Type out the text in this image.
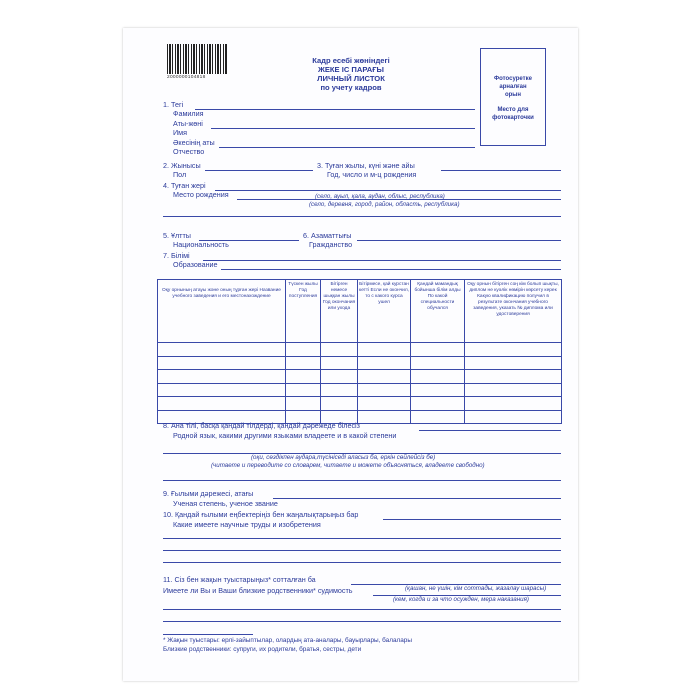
2000000104818
Кадр есебі жөніндегі
ЖЕКЕ ІС ПАРАҒЫ
ЛИЧНЫЙ ЛИСТОК
по учету кадров
Фотосуретке
арналған
орын
Место для
фотокарточки
1. Тегі
Фамилия
Аты-жөні
Имя
Әкесінің аты
Отчество
2. Жынысы
Пол
3. Туған жылы, күні және айы
Год, число и м-ц рождения
4. Туған жері
Место рождения	(село, ауыл, қала, аудан, облыс, республика)
(село, деревня, город, район, область, республика)
5. Ұлтты
Национальность
6. Азаматтығы
Гражданство
7. Білімі
Образование
Оқу орнының атауы және оның тұрған жері Название учебного заведения и его местонахождение	Түскен жылы Год поступления	Бітірген немесе шыққан жылы Год окончания или ухода	Бітірмесе, қай курстан кетті Если не окончил, то с какого курса ушел	Қандай мамандық бойынша білім алды По какой специальности обучался	Оқу орнын бітірген соң кім болып шықты, диплом не куәлік нөмірін көрсету керек Какую квалификацию получил в результате окончания учебного заведения, указать № диплома или удостоверения

8. Ана тілі, басқа қандай тілдерді, қандай дәрежеде білесіз
Родной язык, какими другими языками владеете и в какой степени
(оқи, сөздікпен аудара,түсініседі алаcыз ба, еркін сөйлейсіз бе)
(читаете и переводите со словарем, читаете и можете объясняться, владеете свободно)
9. Ғылыми дәрежесі, атағы
Ученая степень, ученое звание
10. Қандай ғылыми еңбектеріңіз бен жаңалықтарыңыз бар
Какие имеете научные труды и изобретения
11. Сіз бен жақын туыстарыңыз* сотталған ба
(қашан, не үшін, кім соттады, жазалау шарасы)
Имеете ли Вы и Ваши близкие родственники* судимость
(кем, когда и за что осужден, мера наказания)
* Жақын туыстары: ерлі-зайыптылар, олардың ата-аналары, бауырлары, балалары
Близкие родственники: супруги, их родители, братья, сестры, дети
